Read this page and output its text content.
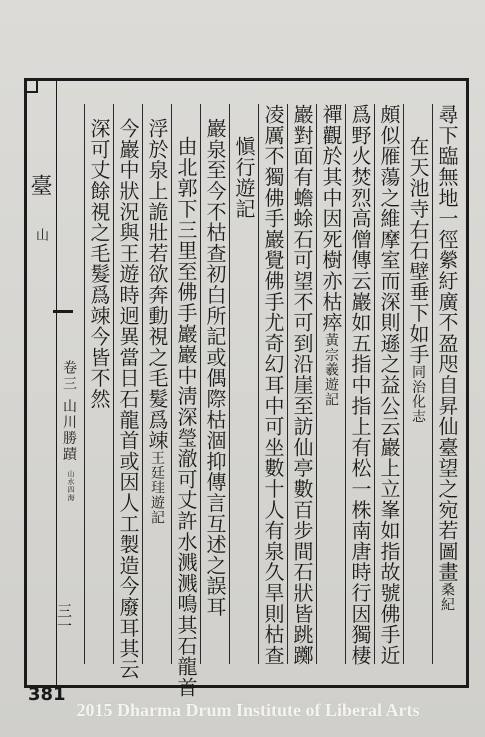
臺
山
卷三 山川勝蹟
山水四海
三一
尋下臨無地一徑縈紆廣不盈咫自昇仙臺望之宛若圖畫桑紀
在天池寺右石壁垂下如手同治化志
頗似雁蕩之維摩室而深則遜之益公云巖上立峯如指故號佛手近
爲野火焚烈高僧傳云巖如五指中指上有松一株南唐時行因獨棲
禪觀於其中因死樹亦枯瘁黃宗羲遊記
巖對面有蟾蜍石可望不可到沿崖至訪仙亭數百步間石狀皆跳躑
凌厲不獨佛手巖覺佛手尤奇幻耳中可坐數十人有泉久旱則枯查
愼行遊記
巖泉至今不枯查初白所記或偶際枯涸抑傳言互述之誤耳
由北郭下三里至佛手巖巖中淸深瑩澈可丈許水溅溅鳴其石龍首
浮於泉上詭壯若欲奔動視之毛髮爲竦王廷珪遊記
今巖中狀況與王遊時迥異當日石龍首或因人工製造今廢耳其云
深可丈餘視之毛髮爲竦今皆不然
381
2015 Dharma Drum Institute of Liberal Arts
